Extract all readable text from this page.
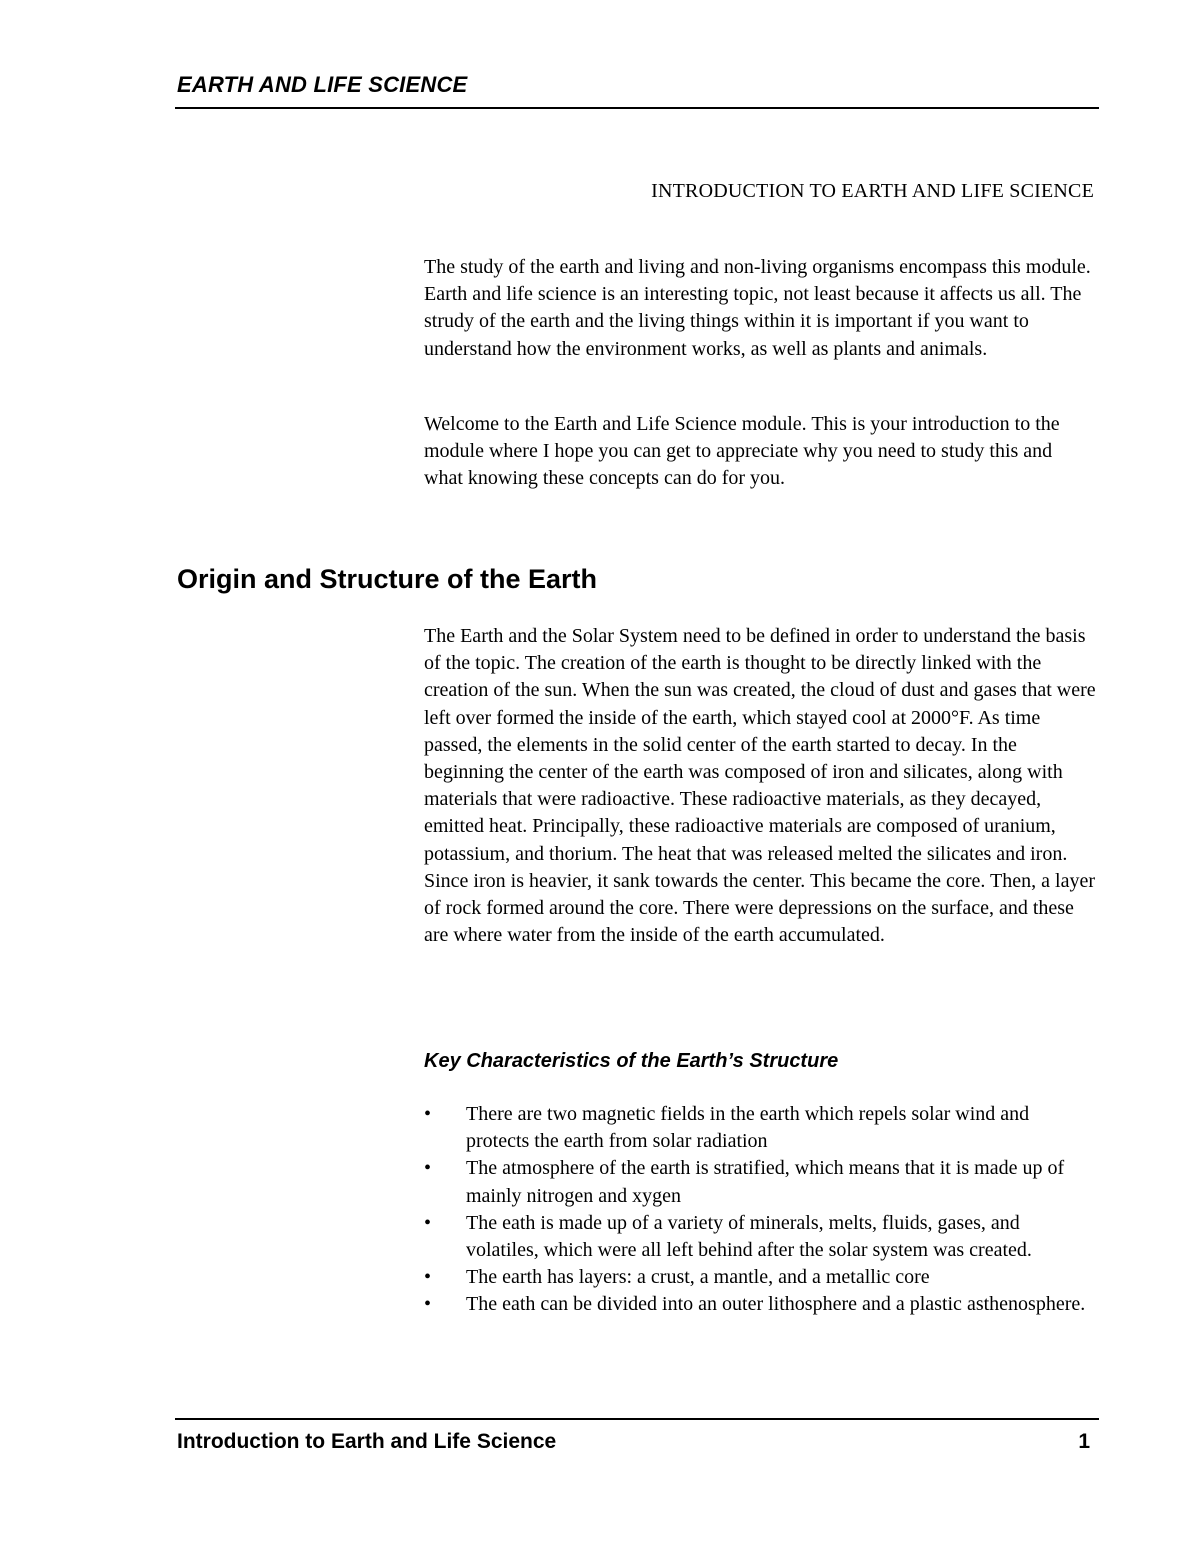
EARTH AND LIFE SCIENCE
INTRODUCTION TO EARTH AND LIFE SCIENCE

The study of the earth and living and non-living organisms encompass this module. Earth and life science is an interesting topic, not least because it affects us all. The strudy of the earth and the living things within it is important if you want to understand how the environment works, as well as plants and animals.

Welcome to the Earth and Life Science module. This is your introduction to the module where I hope you can get to appreciate why you need to study this and what knowing these concepts can do for you.

Origin and Structure of the Earth

The Earth and the Solar System need to be defined in order to understand the basis of the topic. The creation of the earth is thought to be directly linked with the creation of the sun. When the sun was created, the cloud of dust and gases that were left over formed the inside of the earth, which stayed cool at 2000°F. As time passed, the elements in the solid center of the earth started to decay. In the beginning the center of the earth was composed of iron and silicates, along with materials that were radioactive. These radioactive materials, as they decayed, emitted heat. Principally, these radioactive materials are composed of uranium, potassium, and thorium. The heat that was released melted the silicates and iron. Since iron is heavier, it sank towards the center. This became the core. Then, a layer of rock formed around the core. There were depressions on the surface, and these are where water from the inside of the earth accumulated.

Key Characteristics of the Earth’s Structure
• There are two magnetic fields in the earth which repels solar wind and protects the earth from solar radiation
• The atmosphere of the earth is stratified, which means that it is made up of mainly nitrogen and xygen
• The eath is made up of a variety of minerals, melts, fluids, gases, and volatiles, which were all left behind after the solar system was created.
• The earth has layers: a crust, a mantle, and a metallic core
• The eath can be divided into an outer lithosphere and a plastic asthenosphere.
Introduction to Earth and Life Science	1
